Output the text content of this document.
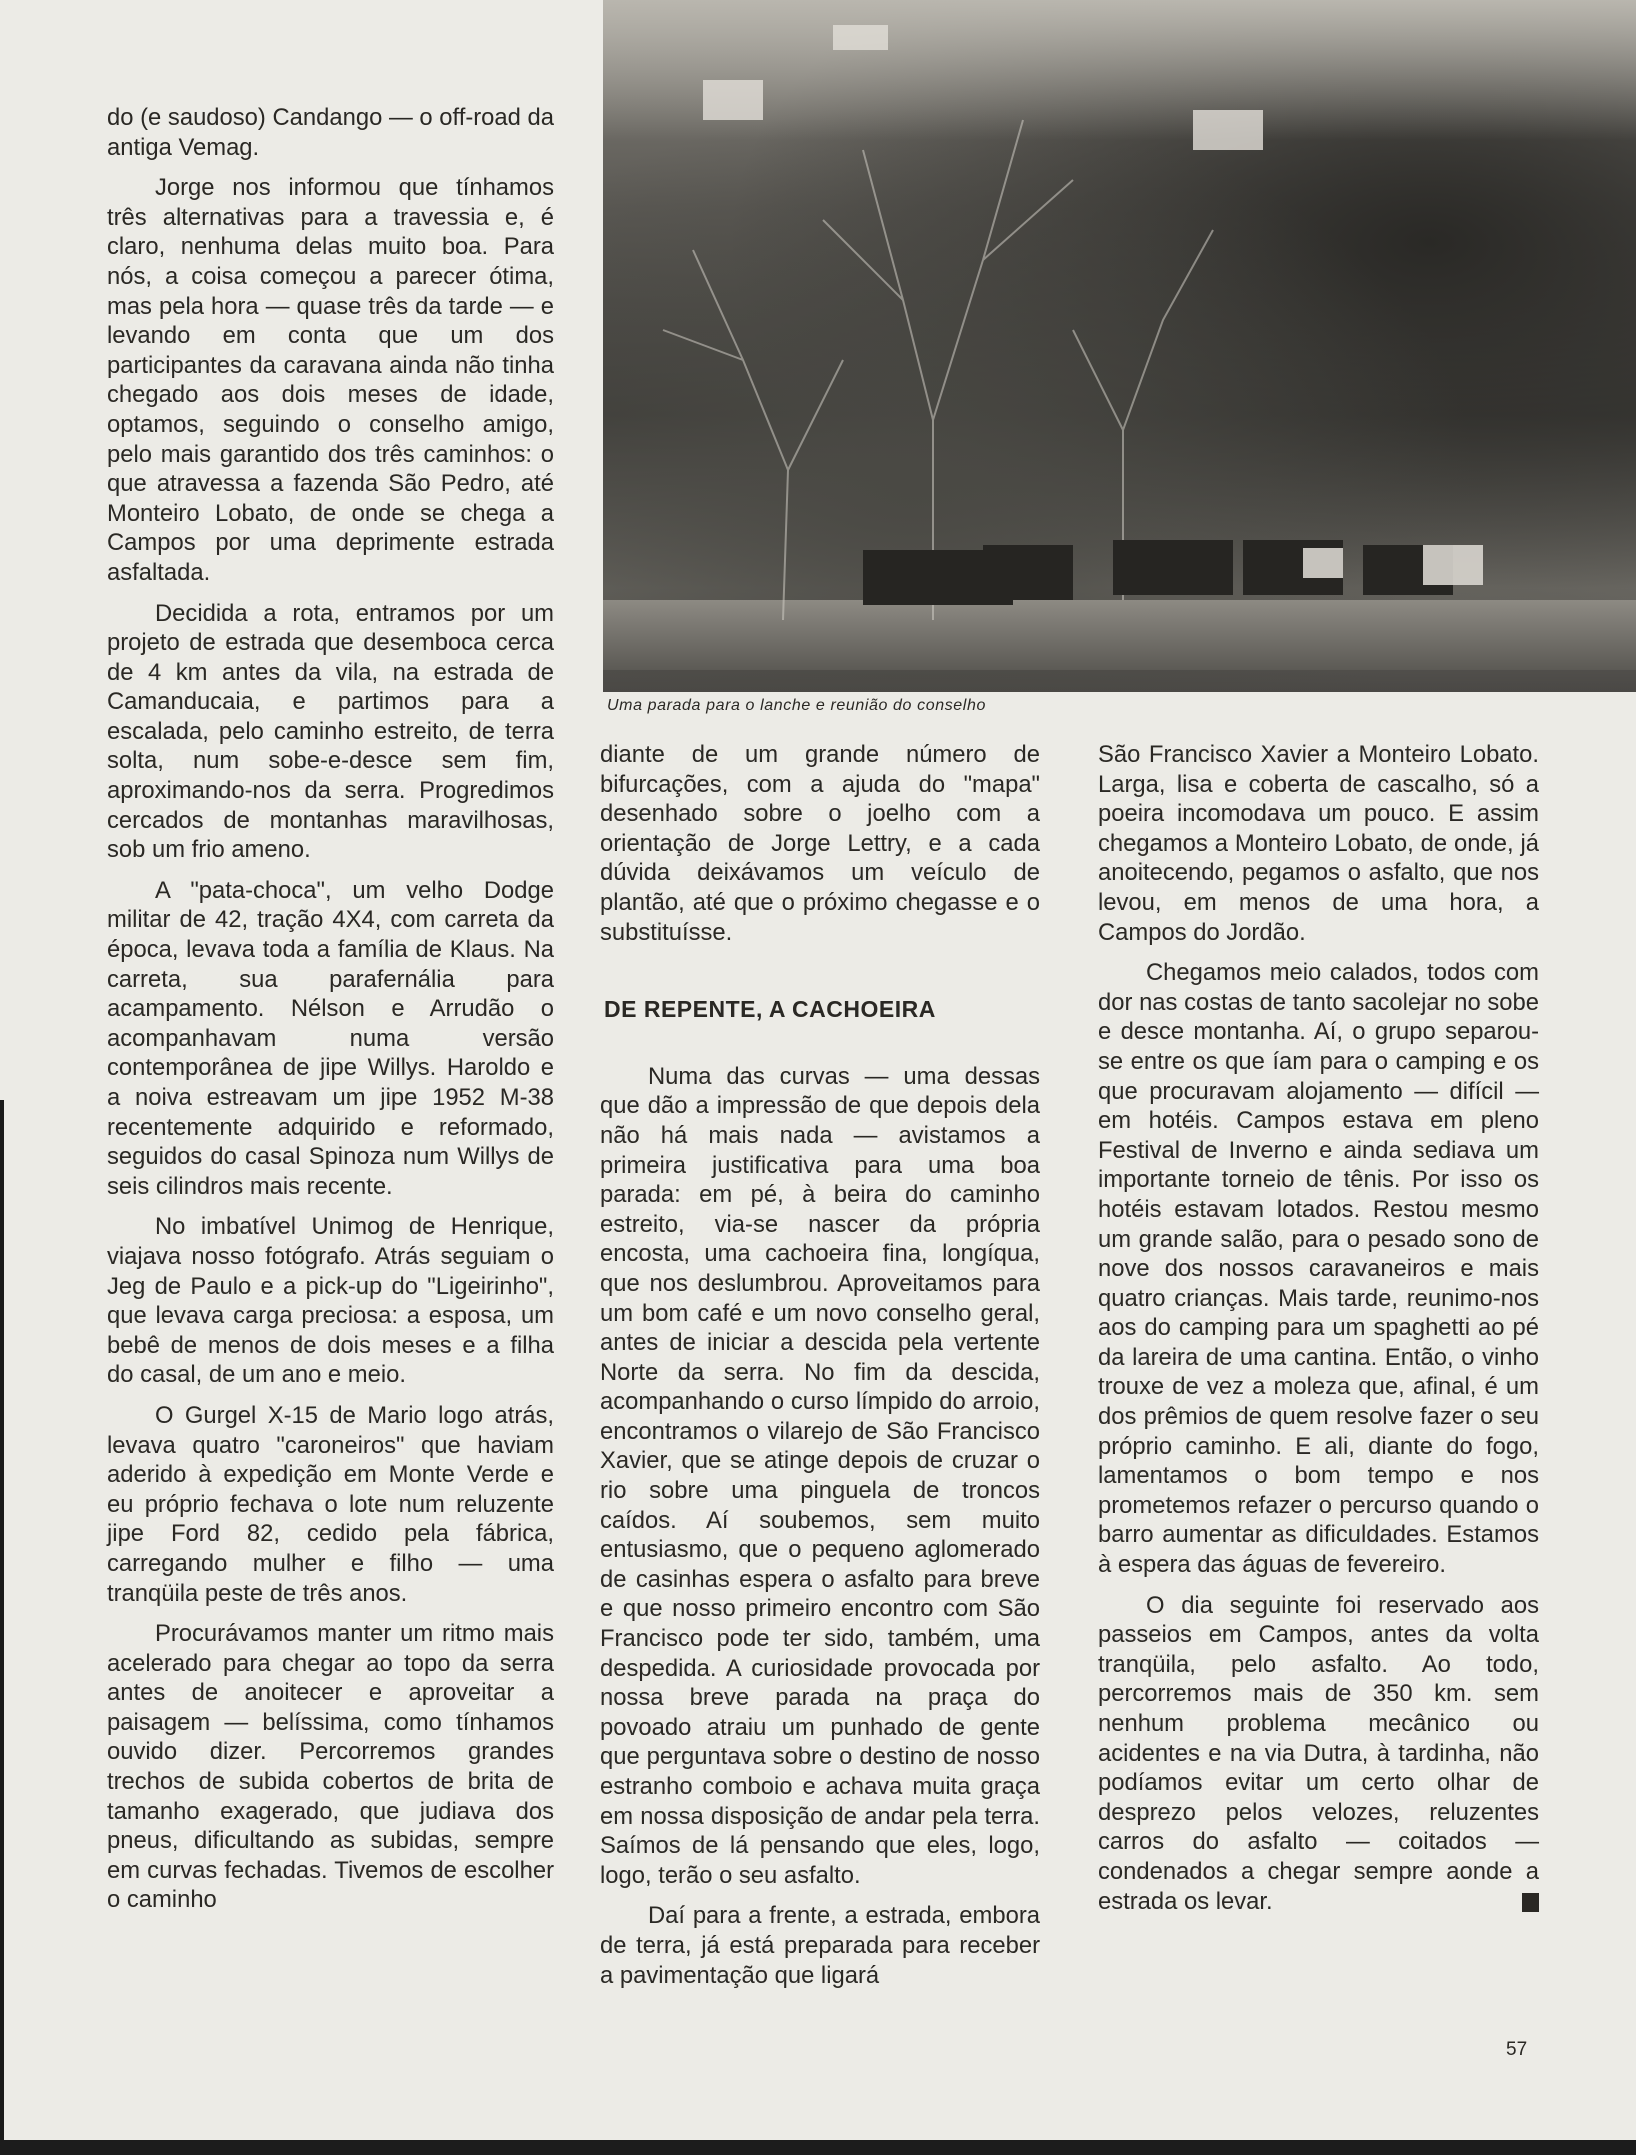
do (e saudoso) Candango — o off-road da antiga Vemag.

Jorge nos informou que tínhamos três alternativas para a travessia e, é claro, nenhuma delas muito boa. Para nós, a coisa começou a parecer ótima, mas pela hora — quase três da tarde — e levando em conta que um dos participantes da caravana ainda não tinha chegado aos dois meses de idade, optamos, seguindo o conselho amigo, pelo mais garantido dos três caminhos: o que atravessa a fazenda São Pedro, até Monteiro Lobato, de onde se chega a Campos por uma deprimente estrada asfaltada.

Decidida a rota, entramos por um projeto de estrada que desemboca cerca de 4 km antes da vila, na estrada de Camanducaia, e partimos para a escalada, pelo caminho estreito, de terra solta, num sobe-e-desce sem fim, aproximando-nos da serra. Progredimos cercados de montanhas maravilhosas, sob um frio ameno.

A "pata-choca", um velho Dodge militar de 42, tração 4X4, com carreta da época, levava toda a família de Klaus. Na carreta, sua parafernália para acampamento. Nélson e Arrudão o acompanhavam numa versão contemporânea de jipe Willys. Haroldo e a noiva estreavam um jipe 1952 M-38 recentemente adquirido e reformado, seguidos do casal Spinoza num Willys de seis cilindros mais recente.

No imbatível Unimog de Henrique, viajava nosso fotógrafo. Atrás seguiam o Jeg de Paulo e a pick-up do "Ligeirinho", que levava carga preciosa: a esposa, um bebê de menos de dois meses e a filha do casal, de um ano e meio.

O Gurgel X-15 de Mario logo atrás, levava quatro "caroneiros" que haviam aderido à expedição em Monte Verde e eu próprio fechava o lote num reluzente jipe Ford 82, cedido pela fábrica, carregando mulher e filho — uma tranqüila peste de três anos.

Procurávamos manter um ritmo mais acelerado para chegar ao topo da serra antes de anoitecer e aproveitar a paisagem — belíssima, como tínhamos ouvido dizer. Percorremos grandes trechos de subida cobertos de brita de tamanho exagerado, que judiava dos pneus, dificultando as subidas, sempre em curvas fechadas. Tivemos de escolher o caminho

Uma parada para o lanche e reunião do conselho

diante de um grande número de bifurcações, com a ajuda do "mapa" desenhado sobre o joelho com a orientação de Jorge Lettry, e a cada dúvida deixávamos um veículo de plantão, até que o próximo chegasse e o substituísse.

DE REPENTE, A CACHOEIRA

Numa das curvas — uma dessas que dão a impressão de que depois dela não há mais nada — avistamos a primeira justificativa para uma boa parada: em pé, à beira do caminho estreito, via-se nascer da própria encosta, uma cachoeira fina, longíqua, que nos deslumbrou. Aproveitamos para um bom café e um novo conselho geral, antes de iniciar a descida pela vertente Norte da serra. No fim da descida, acompanhando o curso límpido do arroio, encontramos o vilarejo de São Francisco Xavier, que se atinge depois de cruzar o rio sobre uma pinguela de troncos caídos. Aí soubemos, sem muito entusiasmo, que o pequeno aglomerado de casinhas espera o asfalto para breve e que nosso primeiro encontro com São Francisco pode ter sido, também, uma despedida. A curiosidade provocada por nossa breve parada na praça do povoado atraiu um punhado de gente que perguntava sobre o destino de nosso estranho comboio e achava muita graça em nossa disposição de andar pela terra. Saímos de lá pensando que eles, logo, logo, terão o seu asfalto.

Daí para a frente, a estrada, embora de terra, já está preparada para receber a pavimentação que ligará

São Francisco Xavier a Monteiro Lobato. Larga, lisa e coberta de cascalho, só a poeira incomodava um pouco. E assim chegamos a Monteiro Lobato, de onde, já anoitecendo, pegamos o asfalto, que nos levou, em menos de uma hora, a Campos do Jordão.

Chegamos meio calados, todos com dor nas costas de tanto sacolejar no sobe e desce montanha. Aí, o grupo separou-se entre os que íam para o camping e os que procuravam alojamento — difícil — em hotéis. Campos estava em pleno Festival de Inverno e ainda sediava um importante torneio de tênis. Por isso os hotéis estavam lotados. Restou mesmo um grande salão, para o pesado sono de nove dos nossos caravaneiros e mais quatro crianças. Mais tarde, reunimo-nos aos do camping para um spaghetti ao pé da lareira de uma cantina. Então, o vinho trouxe de vez a moleza que, afinal, é um dos prêmios de quem resolve fazer o seu próprio caminho. E ali, diante do fogo, lamentamos o bom tempo e nos prometemos refazer o percurso quando o barro aumentar as dificuldades. Estamos à espera das águas de fevereiro.

O dia seguinte foi reservado aos passeios em Campos, antes da volta tranqüila, pelo asfalto. Ao todo, percorremos mais de 350 km. sem nenhum problema mecânico ou acidentes e na via Dutra, à tardinha, não podíamos evitar um certo olhar de desprezo pelos velozes, reluzentes carros do asfalto — coitados — condenados a chegar sempre aonde a estrada os levar.

57
